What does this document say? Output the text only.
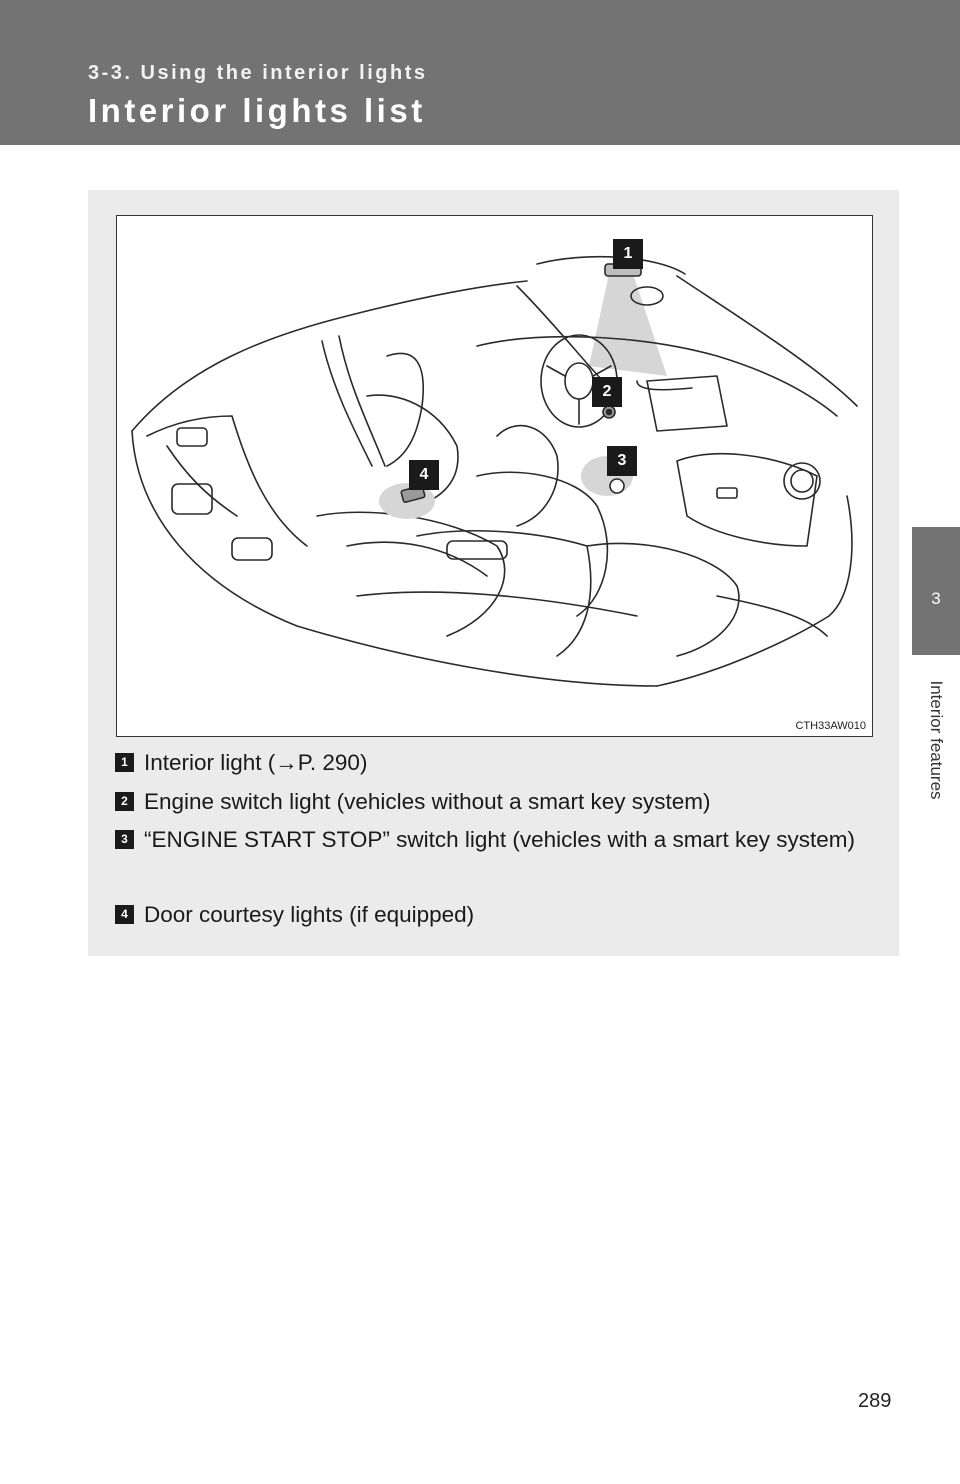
3-3. Using the interior lights
Interior lights list
3
Interior features
1
2
3
4
CTH33AW010
1 Interior light (→P. 290)
2 Engine switch light (vehicles without a smart key system)
3 “ENGINE START STOP” switch light (vehicles with a smart key system)
4 Door courtesy lights (if equipped)
289
